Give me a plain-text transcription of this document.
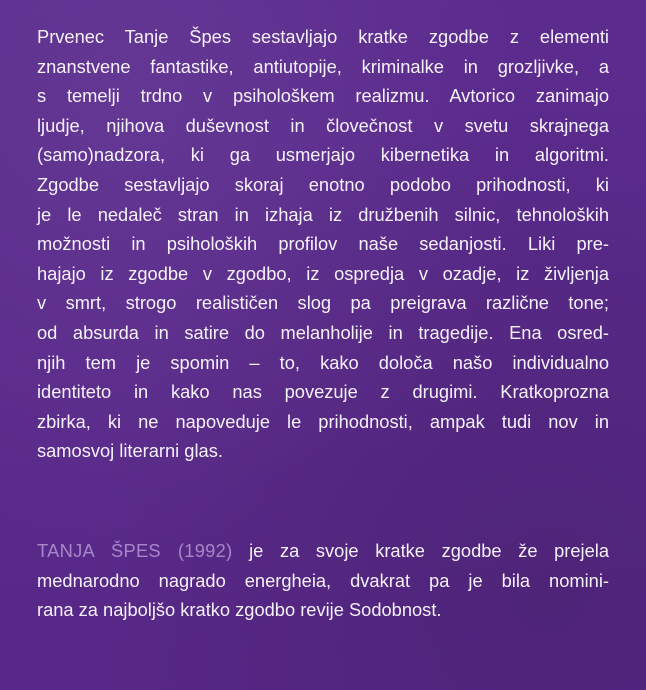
Prvenec Tanje Špes sestavljajo kratke zgodbe z elementi
znanstvene fantastike, antiutopije, kriminalke in grozljivke, a
s temelji trdno v psihološkem realizmu. Avtorico zanimajo
ljudje, njihova duševnost in človečnost v svetu skrajnega
(samo)nadzora, ki ga usmerjajo kibernetika in algoritmi.
Zgodbe sestavljajo skoraj enotno podobo prihodnosti, ki
je le nedaleč stran in izhaja iz družbenih silnic, tehnoloških
možnosti in psiholoških profilov naše sedanjosti. Liki pre-
hajajo iz zgodbe v zgodbo, iz ospredja v ozadje, iz življenja
v smrt, strogo realističen slog pa preigrava različne tone;
od absurda in satire do melanholije in tragedije. Ena osred-
njih tem je spomin – to, kako določa našo individualno
identiteto in kako nas povezuje z drugimi. Kratkoprozna
zbirka, ki ne napoveduje le prihodnosti, ampak tudi nov in
samosvoj literarni glas.
TANJA ŠPES (1992) je za svoje kratke zgodbe že prejela
mednarodno nagrado energheia, dvakrat pa je bila nomini-
rana za najboljšo kratko zgodbo revije Sodobnost.
